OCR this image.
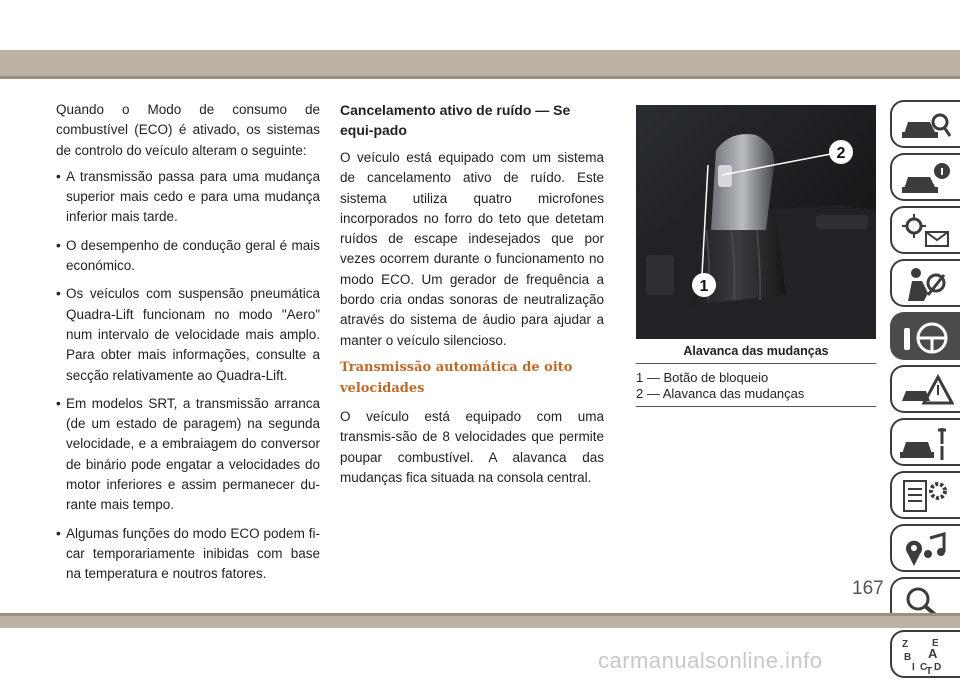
Quando o Modo de consumo de combustível (ECO) é ativado, os sistemas de controlo do veículo alteram o seguinte:

• A transmissão passa para uma mudança superior mais cedo e para uma mudança inferior mais tarde.
• O desempenho de condução geral é mais económico.
• Os veículos com suspensão pneumática Quadra-Lift funcionam no modo "Aero" num intervalo de velocidade mais amplo. Para obter mais informações, consulte a secção relativamente ao Quadra-Lift.
• Em modelos SRT, a transmissão arranca (de um estado de paragem) na segunda velocidade, e a embraiagem do conversor de binário pode engatar a velocidades do motor inferiores e assim permanecer du-rante mais tempo.
• Algumas funções do modo ECO podem fi-car temporariamente inibidas com base na temperatura e noutros fatores.
Cancelamento ativo de ruído — Se equi-pado

O veículo está equipado com um sistema de cancelamento ativo de ruído. Este sistema utiliza quatro microfones incorporados no forro do teto que detetam ruídos de escape indesejados que por vezes ocorrem durante o funcionamento no modo ECO. Um gerador de frequência a bordo cria ondas sonoras de neutralização através do sistema de áudio para ajudar a manter o veículo silencioso.

Transmissão automática de oito velocidades

O veículo está equipado com uma transmis-são de 8 velocidades que permite poupar combustível. A alavanca das mudanças fica situada na consola central.

2
1
Alavanca das mudanças
1 — Botão de bloqueio
2 — Alavanca das mudanças
Z E
B A
I C
T D
167
carmanualsonline.info
